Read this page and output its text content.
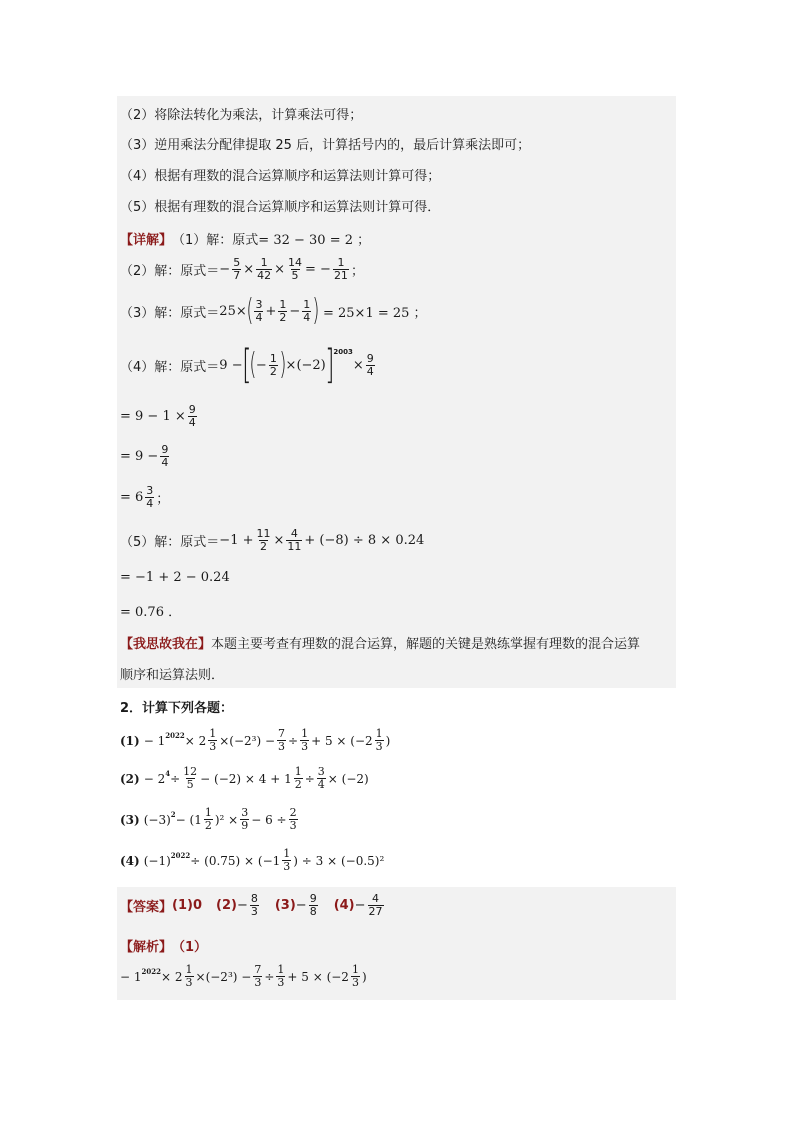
（2）将除法转化为乘法，计算乘法可得；
（3）逆用乘法分配律提取 25 后，计算括号内的，最后计算乘法即可；
（4）根据有理数的混合运算顺序和运算法则计算可得；
（5）根据有理数的混合运算顺序和运算法则计算可得．
【详解】 （1）解：原式 = 32 − 30 = 2 ；
（2）解：原式 ＝ − $\frac{5}{7} \times \frac{1}{42} \times \frac{14}{5}$ = − $\frac{1}{21}$ ；
（3）解：原式 ＝ 25× ( $\frac{3}{4} + \frac{1}{2} - \frac{1}{4}$ ) = 25×1 = 25 ；
（4）解：原式 ＝ 9 − [
( − $\frac{1}{2}$ ) ×(−2) ]$^{2003}$
× $\frac{9}{4}$
= $9 - 1 \times \frac{9}{4}$
= $9 - \frac{9}{4}$
= $6 \frac{3}{4}$ ；
（5）解：原式 ＝ $-1 + \frac{11}{2} \times \frac{4}{11} + (-8) \div 8 \times 0.24$
= −1 + 2 − 0.24
= 0.76 ．
【我思故我在】 本题主要考查有理数的混合运算，解题的关键是熟练掌握有理数的混合运算
顺序和运算法则．
2．计算下列各题：
$(1) - 1^{2022} \times 2 \frac{1}{3} \times(-2^3) - \frac{7}{3} \div \frac{1}{3} + 5 \times (-2 \frac{1}{3}$ )
$(2) - 2^4 \div \frac{12}{5} - (-2) \times 4 + 1 \frac{1}{2} \div \frac{3}{4} \times (-2)$
(3) $(-3)^2 - (1 \frac{1}{2} )^2 \times \frac{3}{9} - 6 \div \frac{2}{3}$
(4) $(-1)^{2022} \div (0.75) \times (-1 \frac{1}{3}$ ) ÷ 3 × (−0.5)²
【答案】 (1)0 $(2) - \frac{8}{3} (3) - \frac{9}{8} (4) - \frac{4}{27}$
【解析】 （1）
− $1^{2022} \times 2 \frac{1}{3} \times(-2^3) - \frac{7}{3} \div \frac{1}{3} + 5 \times (-2 \frac{1}{3}$ )
